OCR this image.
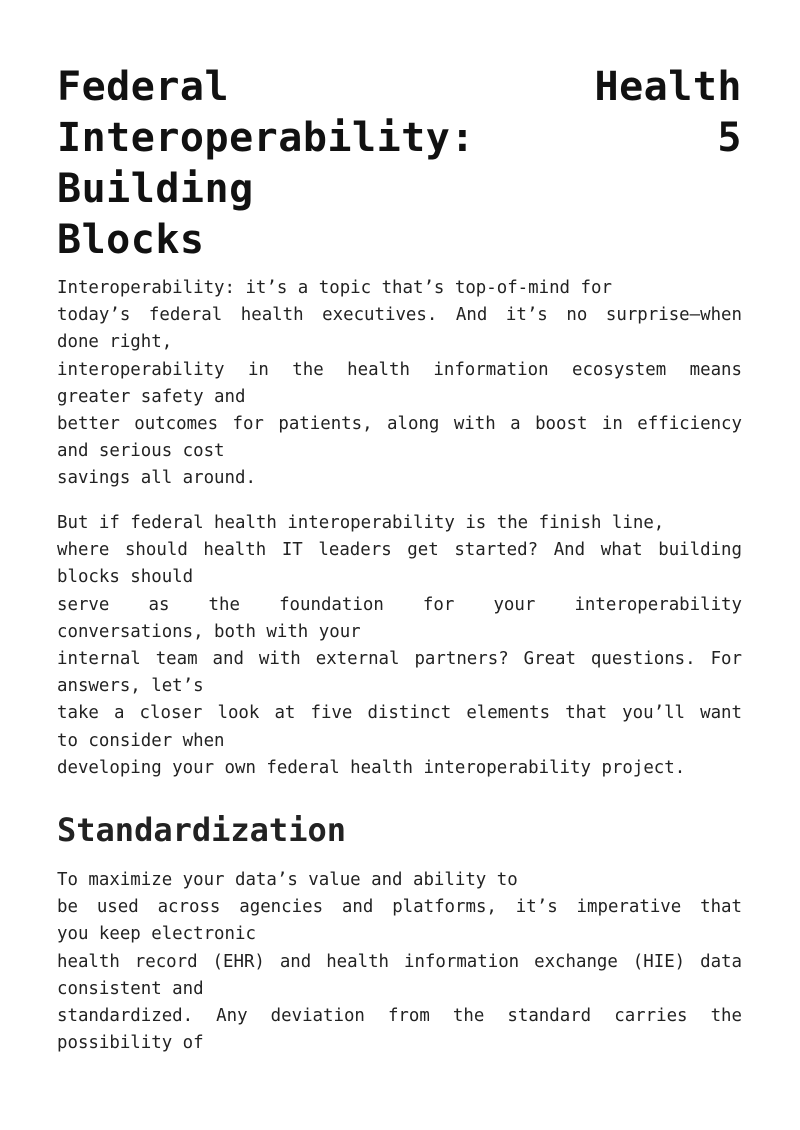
Federal Health
Interoperability: 5 Building
Blocks
Interoperability: it’s a topic that’s top-of-mind for
today’s federal health executives. And it’s no surprise—when
done right,
interoperability in the health information ecosystem means
greater safety and
better outcomes for patients, along with a boost in efficiency
and serious cost
savings all around.
But if federal health interoperability is the finish line,
where should health IT leaders get started? And what building
blocks should
serve as the foundation for your interoperability
conversations, both with your
internal team and with external partners? Great questions. For
answers, let’s
take a closer look at five distinct elements that you’ll want
to consider when
developing your own federal health interoperability project.
Standardization
To maximize your data’s value and ability to
be used across agencies and platforms, it’s imperative that
you keep electronic
health record (EHR) and health information exchange (HIE) data
consistent and
standardized. Any deviation from the standard carries the
possibility of
